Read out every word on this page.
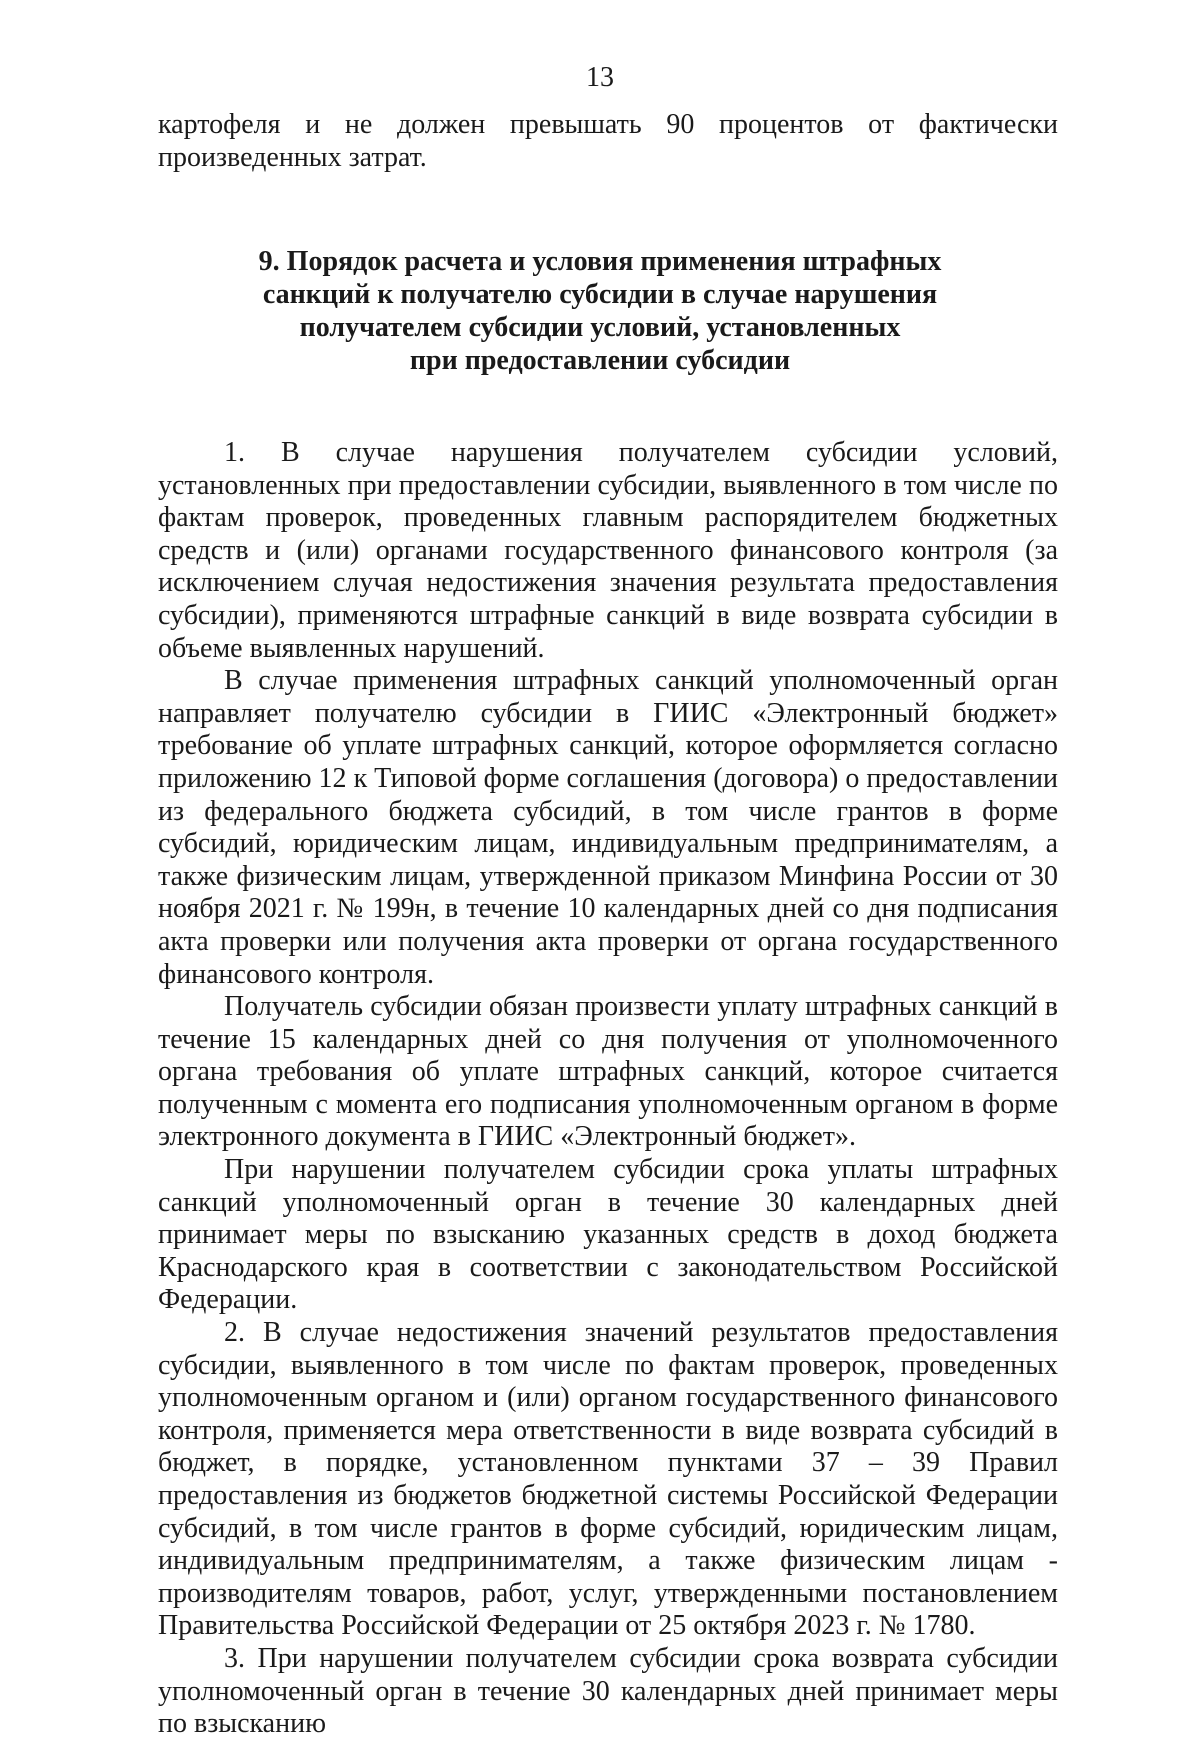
13
картофеля и не должен превышать 90 процентов от фактически произведенных затрат.
9. Порядок расчета и условия применения штрафных
санкций к получателю субсидии в случае нарушения
получателем субсидии условий, установленных
при предоставлении субсидии

1. В случае нарушения получателем субсидии условий, установленных при предоставлении субсидии, выявленного в том числе по фактам проверок, проведенных главным распорядителем бюджетных средств и (или) органами государственного финансового контроля (за исключением случая недостижения значения результата предоставления субсидии), применяются штрафные санкций в виде возврата субсидии в объеме выявленных нарушений.

В случае применения штрафных санкций уполномоченный орган направляет получателю субсидии в ГИИС «Электронный бюджет» требование об уплате штрафных санкций, которое оформляется согласно приложению 12 к Типовой форме соглашения (договора) о предоставлении из федерального бюджета субсидий, в том числе грантов в форме субсидий, юридическим лицам, индивидуальным предпринимателям, а также физическим лицам, утвержденной приказом Минфина России от 30 ноября 2021 г. № 199н, в течение 10 календарных дней со дня подписания акта проверки или получения акта проверки от органа государственного финансового контроля.

Получатель субсидии обязан произвести уплату штрафных санкций в течение 15 календарных дней со дня получения от уполномоченного органа требования об уплате штрафных санкций, которое считается полученным с момента его подписания уполномоченным органом в форме электронного документа в ГИИС «Электронный бюджет».

При нарушении получателем субсидии срока уплаты штрафных санкций уполномоченный орган в течение 30 календарных дней принимает меры по взысканию указанных средств в доход бюджета Краснодарского края в соответствии с законодательством Российской Федерации.

2. В случае недостижения значений результатов предоставления субсидии, выявленного в том числе по фактам проверок, проведенных уполномоченным органом и (или) органом государственного финансового контроля, применяется мера ответственности в виде возврата субсидий в бюджет, в порядке, установленном пунктами 37 – 39 Правил предоставления из бюджетов бюджетной системы Российской Федерации субсидий, в том числе грантов в форме субсидий, юридическим лицам, индивидуальным предпринимателям, а также физическим лицам - производителям товаров, работ, услуг, утвержденными постановлением Правительства Российской Федерации от 25 октября 2023 г. № 1780.

3. При нарушении получателем субсидии срока возврата субсидии уполномоченный орган в течение 30 календарных дней принимает меры по взысканию
